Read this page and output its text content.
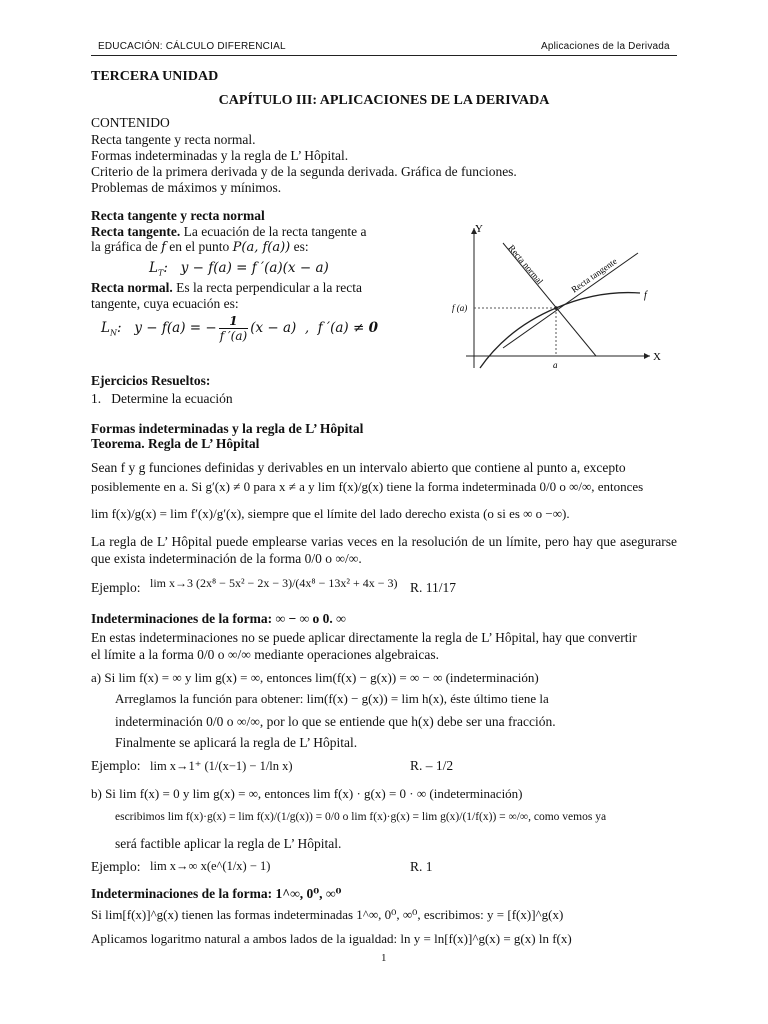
EDUCACIÓN: CÁLCULO DIFERENCIAL	Aplicaciones de la Derivada
TERCERA UNIDAD
CAPÍTULO III: APLICACIONES DE LA DERIVADA
CONTENIDO
Recta tangente y recta normal.
Formas indeterminadas y la regla de L’ Hôpital.
Criterio de la primera derivada y de la segunda derivada. Gráfica de funciones.
Problemas de máximos y mínimos.
Recta tangente y recta normal
Recta tangente. La ecuación de la recta tangente a
la gráfica de f en el punto P(a, f(a)) es:
$L_T$:   y − f(a) = f ′(a)(x − a)
Recta normal. Es la recta perpendicular a la recta
tangente, cuya ecuación es:
$L_N$:   y − f(a) = − $\frac{1}{f '(a)} (x - a)$  ,  f ′(a) ≠ 0
Y
X
f (a)
a
f
Recta normal	Recta tangente
Ejercicios Resueltos:
1.   Determine la ecuación
Formas indeterminadas y la regla de L’ Hôpital
Teorema. Regla de L’ Hôpital
Sean f y g funciones definidas y derivables en un intervalo abierto que contiene al punto a, excepto
posiblemente en a. Si g′(x) ≠ 0 para x ≠ a y lim f(x)/g(x) tiene la forma indeterminada 0/0 o ∞/∞, entonces
lim f(x)/g(x) = lim f′(x)/g′(x), siempre que el límite del lado derecho exista (o si es ∞ o −∞).
La regla de L’ Hôpital puede emplearse varias veces en la resolución de un límite, pero hay que asegurarse que exista indeterminación de la forma 0/0 o ∞/∞.
Ejemplo: lim x→3 (2x⁸ − 5x² − 2x − 3)/(4x⁸ − 13x² + 4x − 3) R. 11/17
Indeterminaciones de la forma: ∞ − ∞ o 0. ∞
En estas indeterminaciones no se puede aplicar directamente la regla de L’ Hôpital, hay que convertir
el límite a la forma 0/0 o ∞/∞ mediante operaciones algebraicas.
a) Si lim f(x) = ∞ y lim g(x) = ∞, entonces lim(f(x) − g(x)) = ∞ − ∞ (indeterminación)
Arreglamos la función para obtener: lim(f(x) − g(x)) = lim h(x), éste último tiene la
indeterminación 0/0 o ∞/∞, por lo que se entiende que h(x) debe ser una fracción.
Finalmente se aplicará la regla de L’ Hôpital.
Ejemplo: lim x→1⁺ (1/(x−1) − 1/ln x)	R. – 1/2
b) Si lim f(x) = 0 y lim g(x) = ∞, entonces lim f(x) · g(x) = 0 · ∞ (indeterminación)
escribimos lim f(x)·g(x) = lim f(x)/(1/g(x)) = 0/0 o lim f(x)·g(x) = lim g(x)/(1/f(x)) = ∞/∞, como vemos ya
será factible aplicar la regla de L’ Hôpital.
Ejemplo: lim x→∞ x(e^(1/x) − 1)	R. 1
Indeterminaciones de la forma: 1^∞, 0⁰, ∞⁰
Si lim[f(x)]^g(x) tienen las formas indeterminadas 1^∞, 0⁰, ∞⁰, escribimos: y = [f(x)]^g(x)
Aplicamos logaritmo natural a ambos lados de la igualdad: ln y = ln[f(x)]^g(x) = g(x) ln f(x)
1
